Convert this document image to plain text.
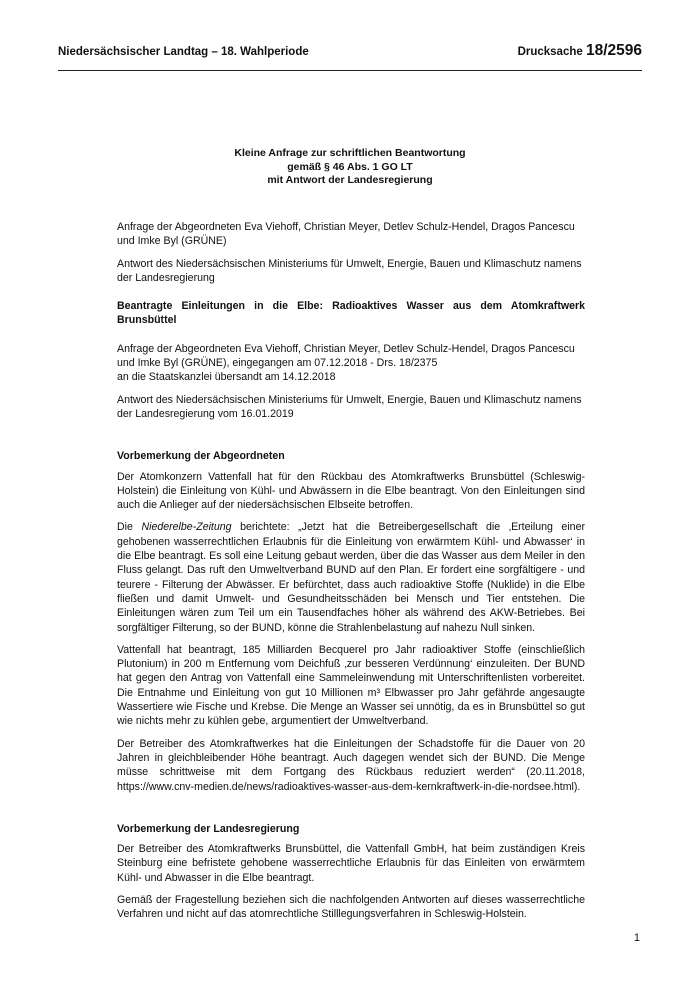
Niedersächsischer Landtag – 18. Wahlperiode	Drucksache 18/2596
Kleine Anfrage zur schriftlichen Beantwortung
gemäß § 46 Abs. 1 GO LT
mit Antwort der Landesregierung

Anfrage der Abgeordneten Eva Viehoff, Christian Meyer, Detlev Schulz-Hendel, Dragos Pancescu und Imke Byl (GRÜNE)

Antwort des Niedersächsischen Ministeriums für Umwelt, Energie, Bauen und Klimaschutz namens der Landesregierung

Beantragte Einleitungen in die Elbe: Radioaktives Wasser aus dem Atomkraftwerk Brunsbüttel

Anfrage der Abgeordneten Eva Viehoff, Christian Meyer, Detlev Schulz-Hendel, Dragos Pancescu und Imke Byl (GRÜNE), eingegangen am 07.12.2018 - Drs. 18/2375
an die Staatskanzlei übersandt am 14.12.2018

Antwort des Niedersächsischen Ministeriums für Umwelt, Energie, Bauen und Klimaschutz namens der Landesregierung vom 16.01.2019

Vorbemerkung der Abgeordneten

Der Atomkonzern Vattenfall hat für den Rückbau des Atomkraftwerks Brunsbüttel (Schleswig-Holstein) die Einleitung von Kühl- und Abwässern in die Elbe beantragt. Von den Einleitungen sind auch die Anlieger auf der niedersächsischen Elbseite betroffen.

Die Niederelbe-Zeitung berichtete: „Jetzt hat die Betreibergesellschaft die ‚Erteilung einer gehobenen wasserrechtlichen Erlaubnis für die Einleitung von erwärmtem Kühl- und Abwasser‘ in die Elbe beantragt. Es soll eine Leitung gebaut werden, über die das Wasser aus dem Meiler in den Fluss gelangt. Das ruft den Umweltverband BUND auf den Plan. Er fordert eine sorgfältigere - und teurere - Filterung der Abwässer. Er befürchtet, dass auch radioaktive Stoffe (Nuklide) in die Elbe fließen und damit Umwelt- und Gesundheitsschäden bei Mensch und Tier entstehen. Die Einleitungen wären zum Teil um ein Tausendfaches höher als während des AKW-Betriebes. Bei sorgfältiger Filterung, so der BUND, könne die Strahlenbelastung auf nahezu Null sinken.

Vattenfall hat beantragt, 185 Milliarden Becquerel pro Jahr radioaktiver Stoffe (einschließlich Plutonium) in 200 m Entfernung vom Deichfuß ‚zur besseren Verdünnung‘ einzuleiten. Der BUND hat gegen den Antrag von Vattenfall eine Sammeleinwendung mit Unterschriftenlisten vorbereitet. Die Entnahme und Einleitung von gut 10 Millionen m³ Elbwasser pro Jahr gefährde angesaugte Wassertiere wie Fische und Krebse. Die Menge an Wasser sei unnötig, da es in Brunsbüttel so gut wie nichts mehr zu kühlen gebe, argumentiert der Umweltverband.

Der Betreiber des Atomkraftwerkes hat die Einleitungen der Schadstoffe für die Dauer von 20 Jahren in gleichbleibender Höhe beantragt. Auch dagegen wendet sich der BUND. Die Menge müsse schrittweise mit dem Fortgang des Rückbaus reduziert werden“ (20.11.2018, https://www.cnv-medien.de/news/radioaktives-wasser-aus-dem-kernkraftwerk-in-die-nordsee.html).

Vorbemerkung der Landesregierung

Der Betreiber des Atomkraftwerks Brunsbüttel, die Vattenfall GmbH, hat beim zuständigen Kreis Steinburg eine befristete gehobene wasserrechtliche Erlaubnis für das Einleiten von erwärmtem Kühl- und Abwasser in die Elbe beantragt.

Gemäß der Fragestellung beziehen sich die nachfolgenden Antworten auf dieses wasserrechtliche Verfahren und nicht auf das atomrechtliche Stilllegungsverfahren in Schleswig-Holstein.

1
